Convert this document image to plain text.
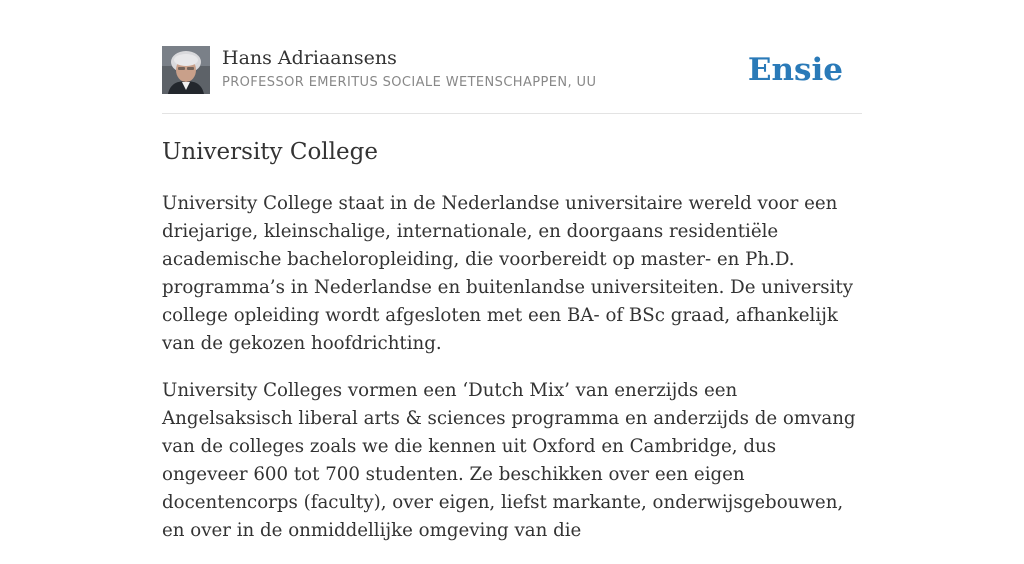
Hans Adriaansens
PROFESSOR EMERITUS SOCIALE WETENSCHAPPEN, UU	Ensie
University College

University College staat in de Nederlandse universitaire wereld voor een driejarige, kleinschalige, internationale, en doorgaans residentiële academische bacheloropleiding, die voorbereidt op master- en Ph.D. programma’s in Nederlandse en buitenlandse universiteiten. De university college opleiding wordt afgesloten met een BA- of BSc graad, afhankelijk van de gekozen hoofdrichting.

University Colleges vormen een ‘Dutch Mix’ van enerzijds een Angelsaksisch liberal arts & sciences programma en anderzijds de omvang van de colleges zoals we die kennen uit Oxford en Cambridge, dus ongeveer 600 tot 700 studenten. Ze beschikken over een eigen docentencorps (faculty), over eigen, liefst markante, onderwijsgebouwen, en over in de onmiddellijke omgeving van die
